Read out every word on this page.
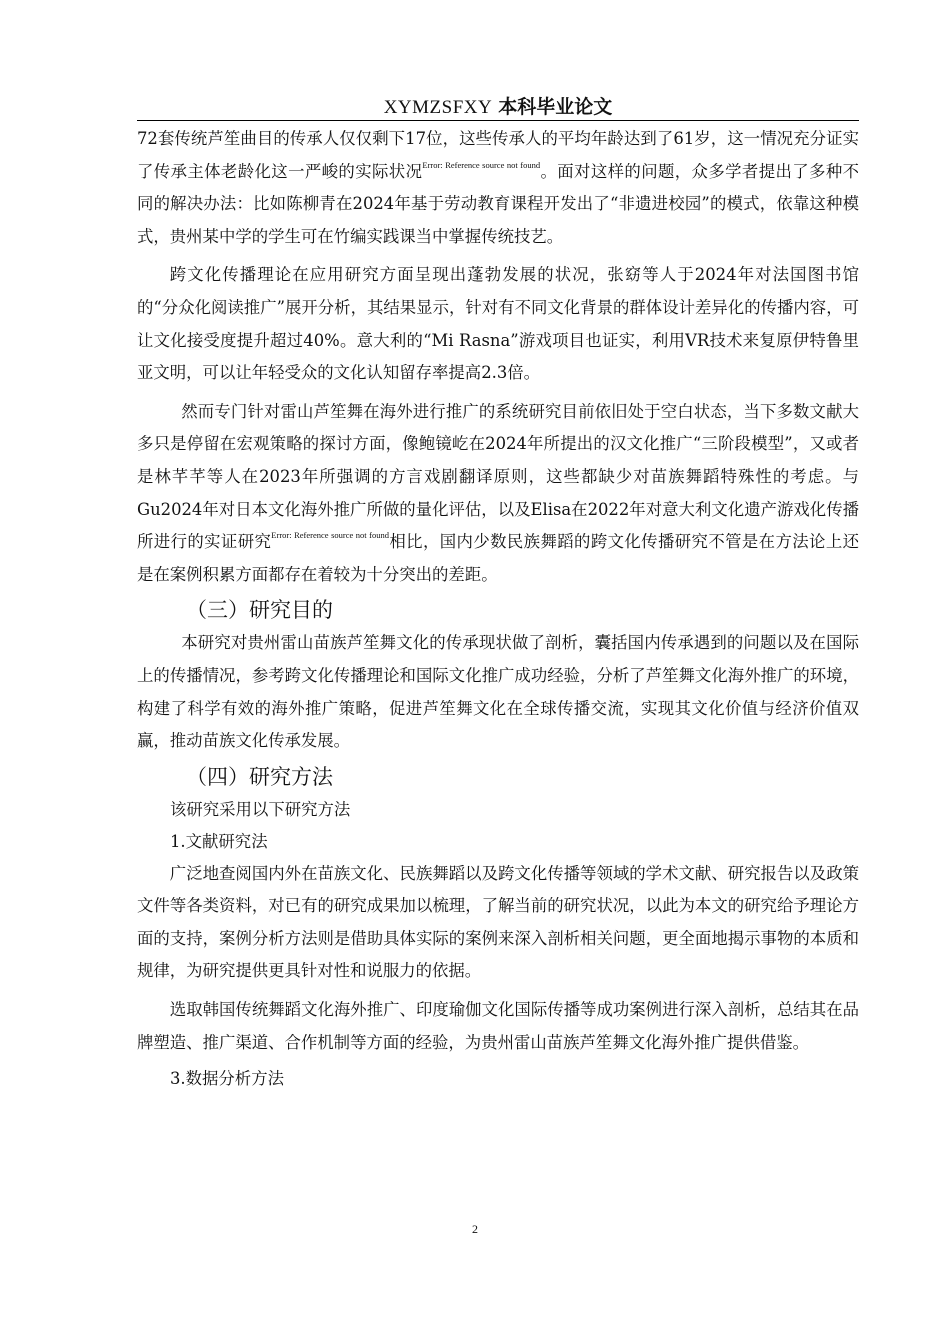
XYMZSFXY 本科毕业论文

72套传统芦笙曲目的传承人仅仅剩下17位，这些传承人的平均年龄达到了61岁，这一情况充分证实了传承主体老龄化这一严峻的实际状况$^{Error: Reference source not found}$。面对这样的问题，众多学者提出了多种不同的解决办法：比如陈柳青在2024年基于劳动教育课程开发出了“非遗进校园”的模式，依靠这种模式，贵州某中学的学生可在竹编实践课当中掌握传统技艺。

跨文化传播理论在应用研究方面呈现出蓬勃发展的状况，张窈等人于2024年对法国图书馆的“分众化阅读推广”展开分析，其结果显示，针对有不同文化背景的群体设计差异化的传播内容，可让文化接受度提升超过40%。意大利的“Mi Rasna”游戏项目也证实，利用VR技术来复原伊特鲁里亚文明，可以让年轻受众的文化认知留存率提高2.3倍。

然而专门针对雷山芦笙舞在海外进行推广的系统研究目前依旧处于空白状态，当下多数文献大多只是停留在宏观策略的探讨方面，像鲍镜屹在2024年所提出的汉文化推广“三阶段模型”，又或者是林芊芊等人在2023年所强调的方言戏剧翻译原则，这些都缺少对苗族舞蹈特殊性的考虑。与Gu2024年对日本文化海外推广所做的量化评估，以及Elisa在2022年对意大利文化遗产游戏化传播所进行的实证研究$^{Error: Reference source not found}$相比，国内少数民族舞蹈的跨文化传播研究不管是在方法论上还是在案例积累方面都存在着较为十分突出的差距。

（三）研究目的

本研究对贵州雷山苗族芦笙舞文化的传承现状做了剖析，囊括国内传承遇到的问题以及在国际上的传播情况，参考跨文化传播理论和国际文化推广成功经验，分析了芦笙舞文化海外推广的环境，构建了科学有效的海外推广策略，促进芦笙舞文化在全球传播交流，实现其文化价值与经济价值双赢，推动苗族文化传承发展。

（四）研究方法

该研究采用以下研究方法

1.文献研究法

广泛地查阅国内外在苗族文化、民族舞蹈以及跨文化传播等领域的学术文献、研究报告以及政策文件等各类资料，对已有的研究成果加以梳理，了解当前的研究状况，以此为本文的研究给予理论方面的支持，案例分析方法则是借助具体实际的案例来深入剖析相关问题，更全面地揭示事物的本质和规律，为研究提供更具针对性和说服力的依据。

选取韩国传统舞蹈文化海外推广、印度瑜伽文化国际传播等成功案例进行深入剖析，总结其在品牌塑造、推广渠道、合作机制等方面的经验，为贵州雷山苗族芦笙舞文化海外推广提供借鉴。

3.数据分析方法

2
